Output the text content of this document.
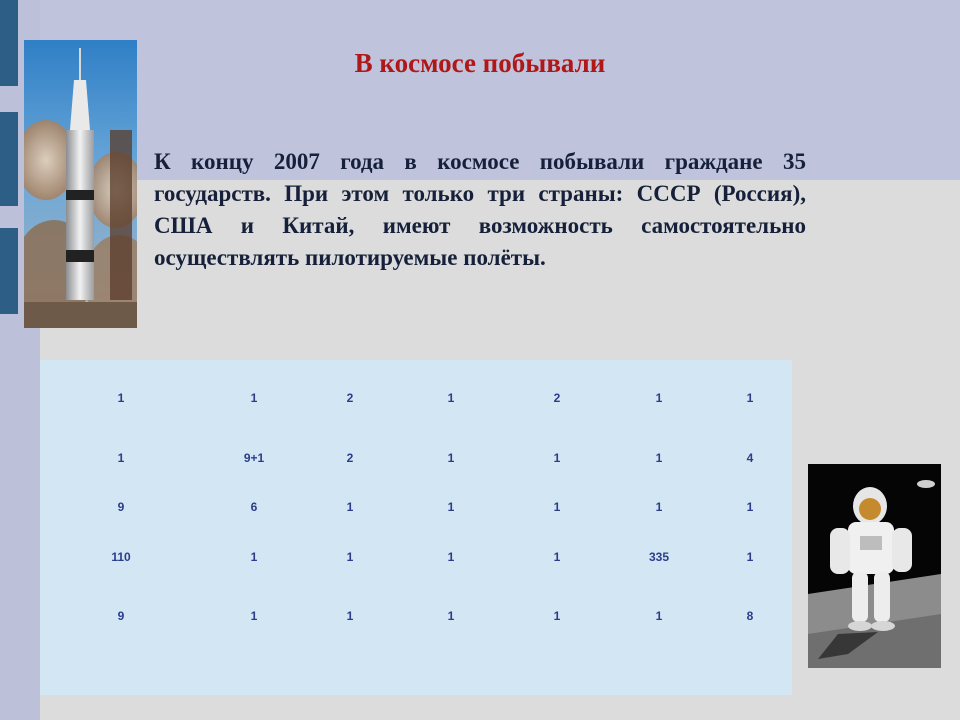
В космосе побывали
К концу 2007 года в космосе побывали граждане 35 государств. При этом только три страны: СССР (Россия), США и Китай, имеют возможность самостоятельно осуществлять пилотируемые полёты.
1	1	2	1	2	1	1
1	9+1	2	1	1	1	4
9	6	1	1	1	1	1
110	1	1	1	1	335	1
9	1	1	1	1	1	8
